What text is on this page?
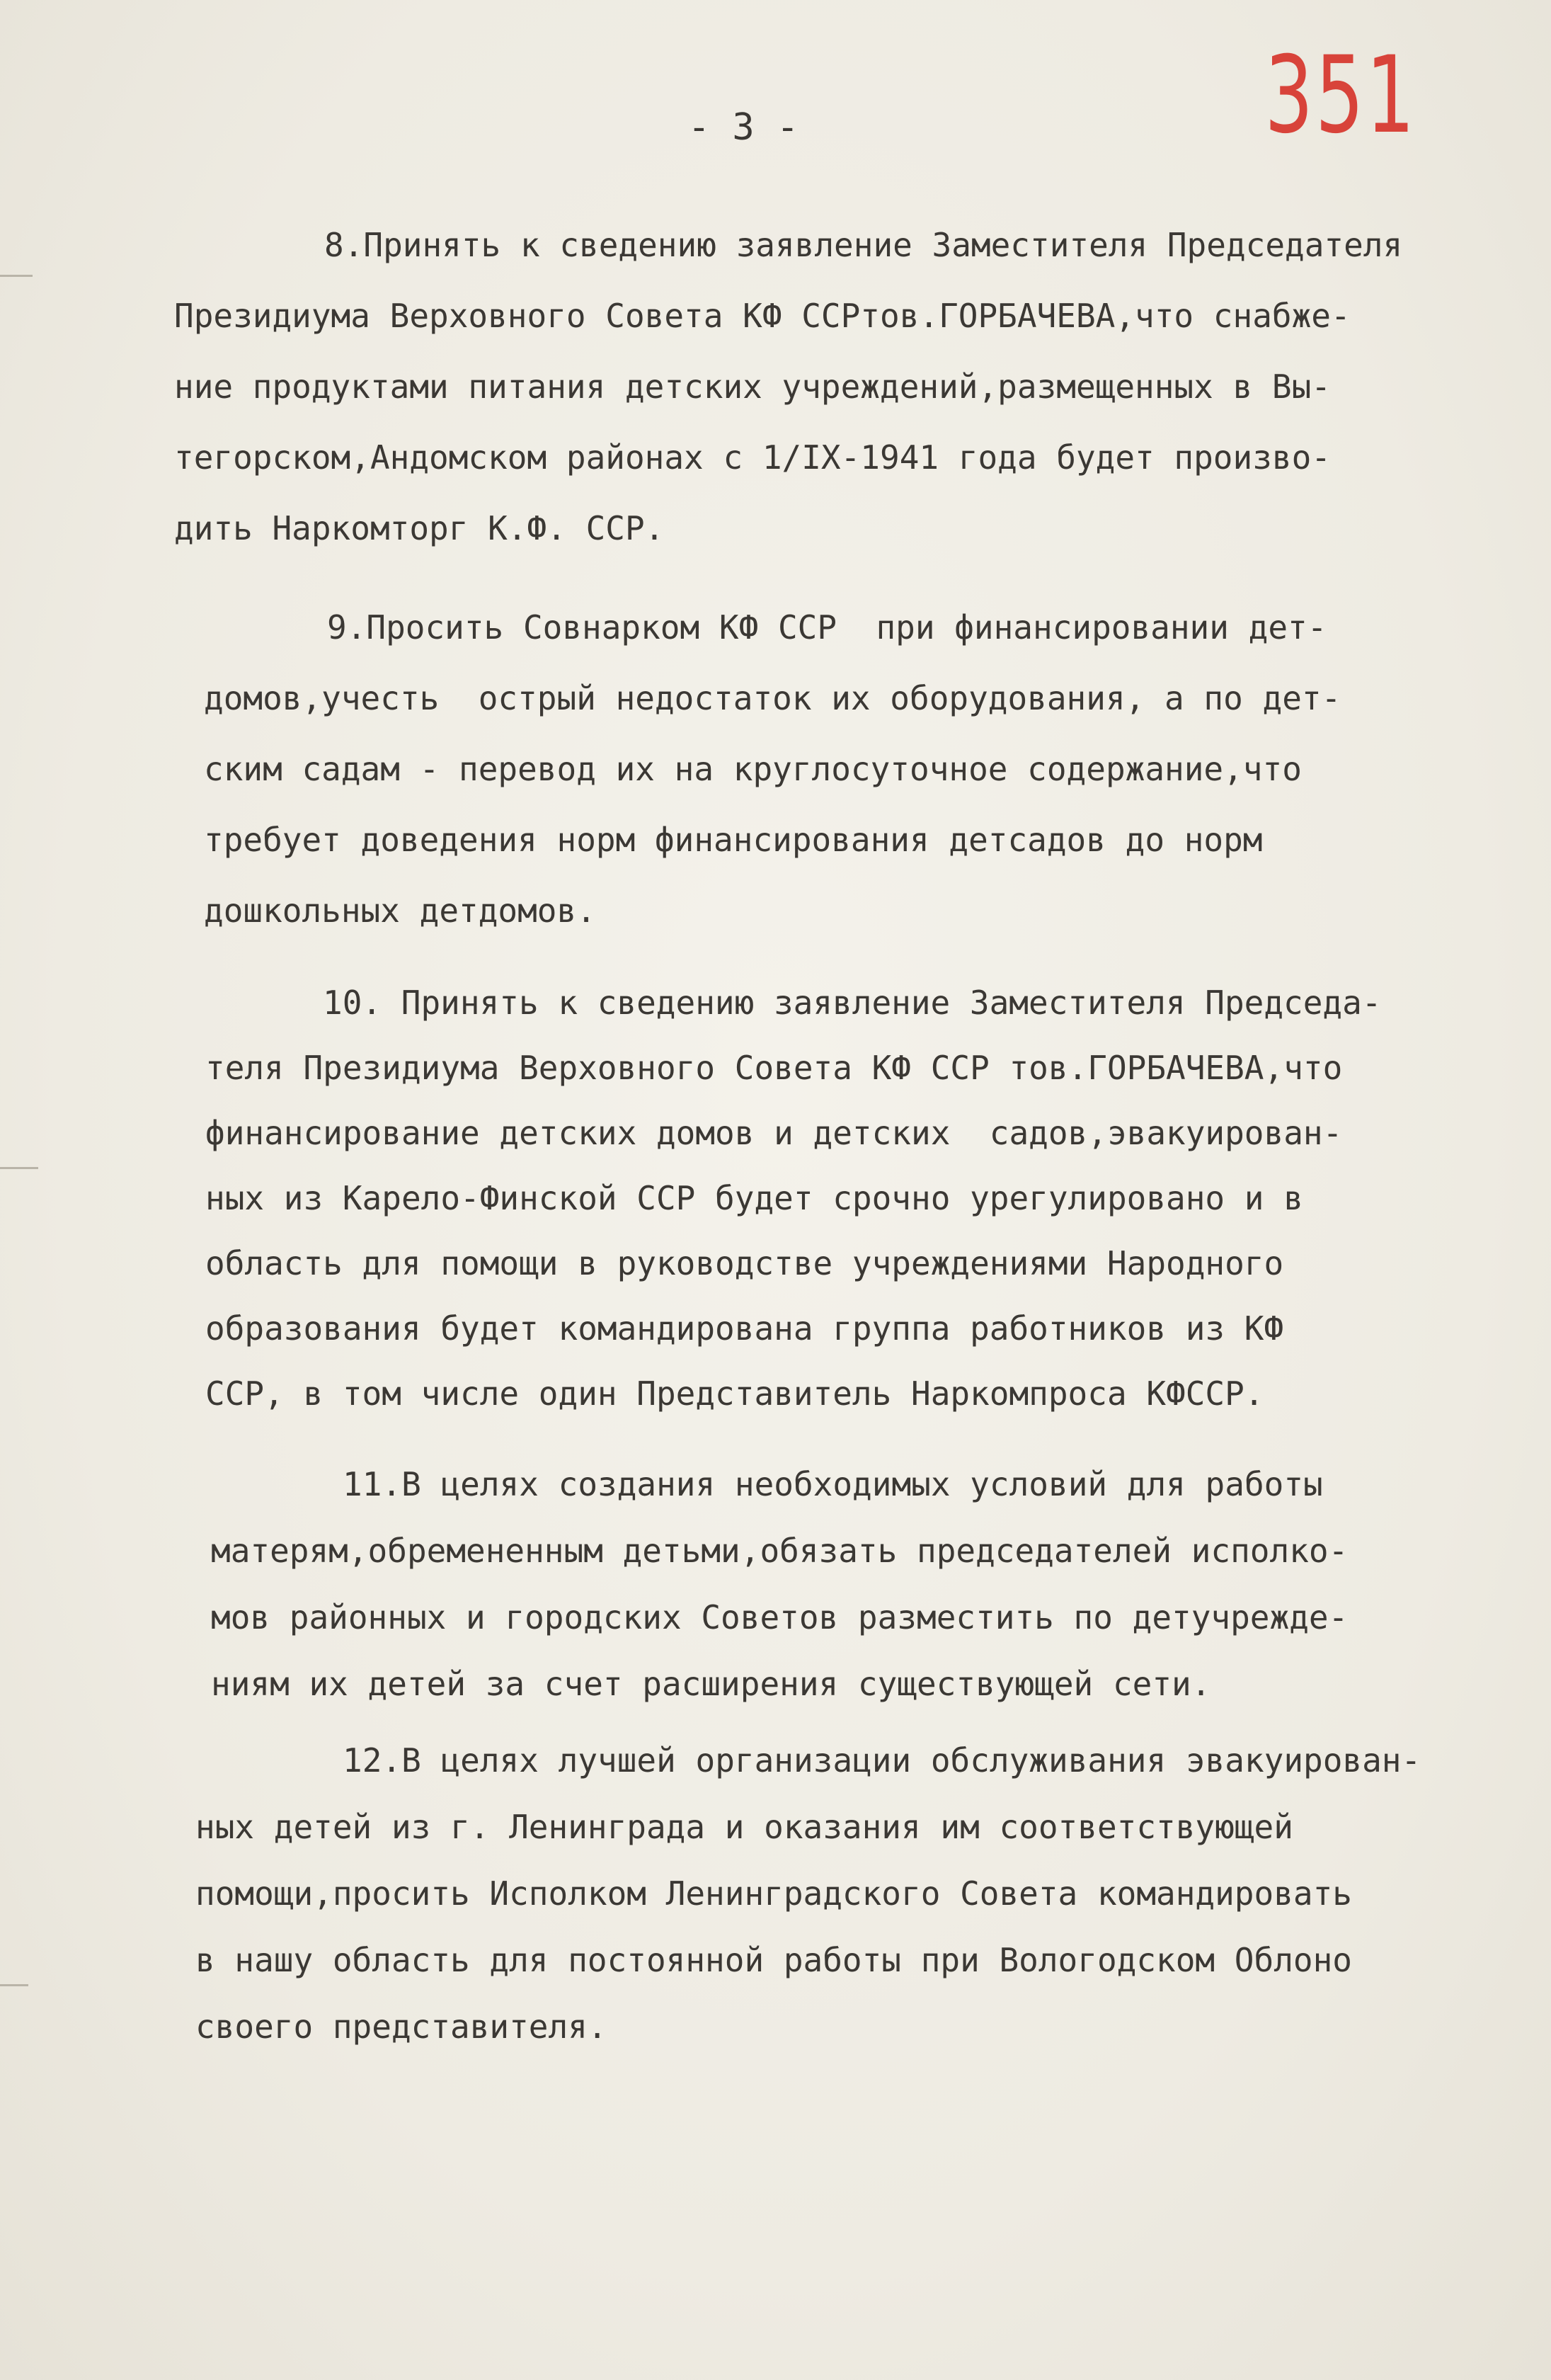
351
- 3 -

8.Принять к сведению заявление Заместителя Председателя

Президиума Верховного Совета КФ ССРтов.ГОРБАЧЕВА,что снабже-

ние продуктами питания детских учреждений,размещенных в Вы-

тегорском,Андомском районах с 1/IX-1941 года будет произво-

дить Наркомторг К.Ф. ССР.

9.Просить Совнарком КФ ССР  при финансировании дет-

домов,учесть  острый недостаток их оборудования, а по дет-

ским садам - перевод их на круглосуточное содержание,что

требует доведения норм финансирования детсадов до норм

дошкольных детдомов.

10. Принять к сведению заявление Заместителя Председа-

теля Президиума Верховного Совета КФ ССР тов.ГОРБАЧЕВА,что

финансирование детских домов и детских  садов,эвакуирован-

ных из Карело-Финской ССР будет срочно урегулировано и в

область для помощи в руководстве учреждениями Народного

образования будет командирована группа работников из КФ

ССР, в том числе один Представитель Наркомпроса КФССР.

11.В целях создания необходимых условий для работы

матерям,обремененным детьми,обязать председателей исполко-

мов районных и городских Советов разместить по детучрежде-

ниям их детей за счет расширения существующей сети.

12.В целях лучшей организации обслуживания эвакуирован-

ных детей из г. Ленинграда и оказания им соответствующей

помощи,просить Исполком Ленинградского Совета командировать

в нашу область для постоянной работы при Вологодском Облоно

своего представителя.
